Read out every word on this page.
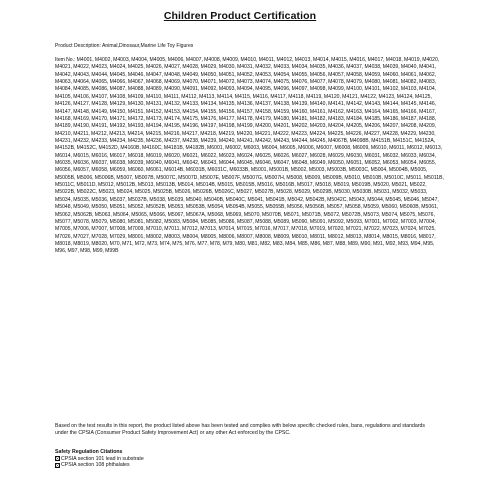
Children Product Certification
Product Description: Animal,Dinosaur,Marine Life Toy Figures
Item No.: M4001, M4002, M4003, M4004, M4005, M4006, M4007, M4008, M4009, M4010, M4011, M4012, M4013, M4014, M4015, M4016, M4017, M4018, M4019, M4020, M4021, M4022, M4023, M4024, M4025, M4026, M4027, M4028, M4029, M4030, M4031, M4032, M4033, M4034, M4035, M4036, M4037, M4038, M4039, M4040, M4041, M4042, M4043, M4044, M4045, M4046, M4047, M4048, M4049, M4050, M4051, M4052, M4053, M4054, M4055, M4056, M4057, M4058, M4059, M4060, M4061, M4062, M4063, M4064, M4065, M4066, M4067, M4068, M4069, M4070, M4071, M4072, M4073, M4074, M4075, M4076, M4077, M4078, M4079, M4080, M4081, M4082, M4083, M4084, M4085, M4086, M4087, M4088, M4089, M4090, M4091, M4092, M4093, M4094, M4095, M4096, M4097, M4098, M4099, M4100, M4101, M4102, M4103, M4104, M4105, M4106, M4107, M4108, M4109, M4110, M4111, M4112, M4113, M4114, M4115, M4116, M4117, M4118, M4119, M4120, M4121, M4122, M4123, M4124, M4125, M4126, M4127, M4128, M4129, M4130, M4131, M4132, M4133, M4134, M4135, M4136, M4137, M4138, M4139, M4140, M4141, M4142, M4143, M4144, M4145, M4146, M4147, M4148, M4149, M4150, M4151, M4152, M4153, M4154, M4155, M4156, M4157, M4158, M4159, M4160, M4161, M4162, M4163, M4164, M4165, M4166, M4167, M4168, M4169, M4170, M4171, M4172, M4173, M4174, M4175, M4176, M4177, M4178, M4179, M4180, M4181, M4182, M4183, M4184, M4185, M4186, M4187, M4188, M4189, M4190, M4191, M4192, M4193, M4194, M4195, M4196, M4197, M4198, M4199, M4200, M4201, M4202, M4203, M4204, M4205, M4206, M4207, M4208, M4209, M4210, M4211, M4212, M4213, M4214, M4215, M4216, M4217, M4218, M4219, M4220, M4221, M4222, M4223, M4224, M4225, M4226, M4227, M4228, M4229, M4230, M4231, M4232, M4233, M4234, M4235, M4236, M4237, M4238, M4239, M4240, M4241, M4242, M4243, M4244, M4245, M4067B, M4098B, M4151B, M4151C, M4152A, M4152B, M4152C, M4152D, M4160B, M4160C, M4181B, M4182B, M6001, M6002, M6003, M6004, M6005, M6006, M6007, M6008, M6009, M6010, M6011, M6012, M6013, M6014, M6015, M6016, M6017, M6018, M6019, M6020, M6021, M6022, M6023, M6024, M6025, M6026, M6027, M6028, M6029, M6030, M6031, M6032, M6033, M6034, M6035, M6036, M6037, M6038, M6039, M6040, M6041, M6042, M6043, M6044, M6045, M6046, M6047, M6048, M6049, M6050, M6051, M6052, M6053, M6054, M6055, M6056, M6057, M6058, M6059, M6060, M6061, M6014B, M6031B, M6031C, M6033B, M5001, M5001B, M5002, M5003, M5003B, M5003C, M5004, M5004B, M5005, M5005B, M5006, M5006B, M5007, M5007B, M5007C, M5007D, M5007E, M5007F, M5007G, M5007H, M5008, M5009, M5009B, M5010, M5010B, M5010C, M5011, M5011B, M5011C, M5011D, M5012, M5012B, M5013, M5013B, M5014, M5014B, M5015, M5015B, M5016, M5016B, M5017, M5018, M5019, M5019B, M5020, M5021, M5022, M5022B, M5022C, M5023, M5024, M5025, M5025B, M5026, M5026B, M5026C, M5027, M5027B, M5028, M5029, M5029B, M5030, M5030B, M5031, M5032, M5033, M5034, M5035, M5036, M5037, M5037B, M5038, M5039, M5040, M5040B, M5040C, M5041, M5041B, M5042, M5042B, M5042C, M5043, M5044, M5045, M5046, M5047, M5048, M5049, M5050, M5051, M5052, M5052B, M5053, M5053B, M5054, M5054B, M5055, M5055B, M5056, M5056B, M5057, M5058, M5059, M5060, M5060B, M5061, M5062, M5062B, M5063, M5064, M5065, M5066, M5067, M5067A, M5068, M5069, M5070, M5070B, M5071, M5071B, M5072, M5072B, M5073, M5074, M5075, M5076, M5077, M5078, M5079, M5080, M5081, M5082, M5083, M5084, M5085, M5086, M5087, M5088, M5089, M5090, M5091, M5092, M5093, M7001, M7002, M7003, M7004, M7005, M7006, M7007, M7008, M7009, M7010, M7011, M7012, M7013, M7014, M7015, M7016, M7017, M7018, M7019, M7020, M7021, M7022, M7023, M7024, M7025, M7026, M7027, M7028, M7029, M8001, M8002, M8003, M8004, M8005, M8006, M8007, M8008, M8009, M8010, M8011, M8012, M8013, M8014, M8015, M8016, M8017, M8018, M8019, M8020, M70, M71, M72, M73, M74, M75, M76, M77, M78, M79, M80, M81, M82, M83, M84, M85, M86, M87, M88, M89, M90, M91, M92, M93, M94, M95, M96, M97, M98, M99, M99B
Based on the test results in this report, the product listed above has been tested and complies with below specific checked rules, bans, regulations and standards under the CPSIA (Consumer Product Safety Improvement Act) or any other Act enforced by the CPSC.
Safety Regulation Citations
CPSIA section 101 lead in substrate
CPSIA section 108 phthalates
